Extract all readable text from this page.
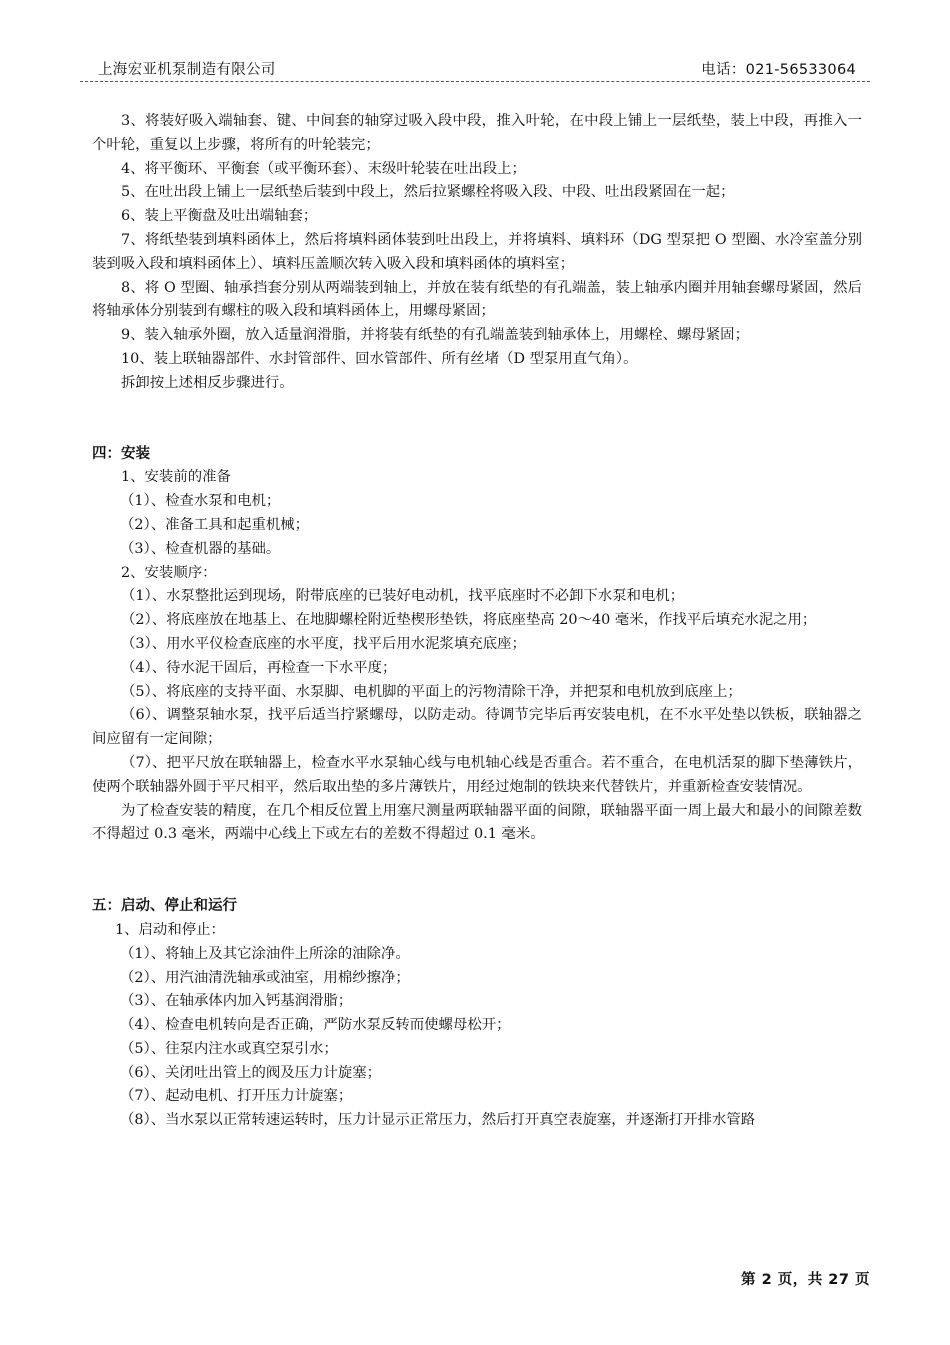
上海宏亚机泵制造有限公司	电话：021-56533064

3、将装好吸入端轴套、键、中间套的轴穿过吸入段中段，推入叶轮，在中段上铺上一层纸垫，装上中段，再推入一个叶轮，重复以上步骤，将所有的叶轮装完；

4、将平衡环、平衡套（或平衡环套）、末级叶轮装在吐出段上；

5、在吐出段上铺上一层纸垫后装到中段上，然后拉紧螺栓将吸入段、中段、吐出段紧固在一起；

6、装上平衡盘及吐出端轴套；

7、将纸垫装到填料函体上，然后将填料函体装到吐出段上，并将填料、填料环（DG 型泵把 O 型圈、水冷室盖分别装到吸入段和填料函体上）、填料压盖顺次转入吸入段和填料函体的填料室；

8、将 O 型圈、轴承挡套分别从两端装到轴上，并放在装有纸垫的有孔端盖，装上轴承内圈并用轴套螺母紧固，然后将轴承体分别装到有螺柱的吸入段和填料函体上，用螺母紧固；

9、装入轴承外圈，放入适量润滑脂，并将装有纸垫的有孔端盖装到轴承体上，用螺栓、螺母紧固；

10、装上联轴器部件、水封管部件、回水管部件、所有丝堵（D 型泵用直气角）。

拆卸按上述相反步骤进行。

四：安装

1、安装前的准备

（1）、检查水泵和电机；

（2）、准备工具和起重机械；

（3）、检查机器的基础。

2、安装顺序：

（1）、水泵整批运到现场，附带底座的已装好电动机，找平底座时不必卸下水泵和电机；

（2）、将底座放在地基上、在地脚螺栓附近垫楔形垫铁，将底座垫高 20～40 毫米，作找平后填充水泥之用；

（3）、用水平仪检查底座的水平度，找平后用水泥浆填充底座；

（4）、待水泥干固后，再检查一下水平度；

（5）、将底座的支持平面、水泵脚、电机脚的平面上的污物清除干净，并把泵和电机放到底座上；

（6）、调整泵轴水泵，找平后适当拧紧螺母，以防走动。待调节完毕后再安装电机，在不水平处垫以铁板，联轴器之间应留有一定间隙；

（7）、把平尺放在联轴器上，检查水平水泵轴心线与电机轴心线是否重合。若不重合，在电机活泵的脚下垫薄铁片，使两个联轴器外圆于平尺相平，然后取出垫的多片薄铁片，用经过炮制的铁块来代替铁片，并重新检查安装情况。

为了检查安装的精度，在几个相反位置上用塞尺测量两联轴器平面的间隙，联轴器平面一周上最大和最小的间隙差数不得超过 0.3 毫米，两端中心线上下或左右的差数不得超过 0.1 毫米。

五：启动、停止和运行

1、启动和停止：

（1）、将轴上及其它涂油件上所涂的油除净。

（2）、用汽油清洗轴承或油室，用棉纱擦净；

（3）、在轴承体内加入钙基润滑脂；

（4）、检查电机转向是否正确，严防水泵反转而使螺母松开；

（5）、往泵内注水或真空泵引水；

（6）、关闭吐出管上的阀及压力计旋塞；

（7）、起动电机、打开压力计旋塞；

（8）、当水泵以正常转速运转时，压力计显示正常压力，然后打开真空表旋塞，并逐渐打开排水管路

第 2 页，共 27 页
